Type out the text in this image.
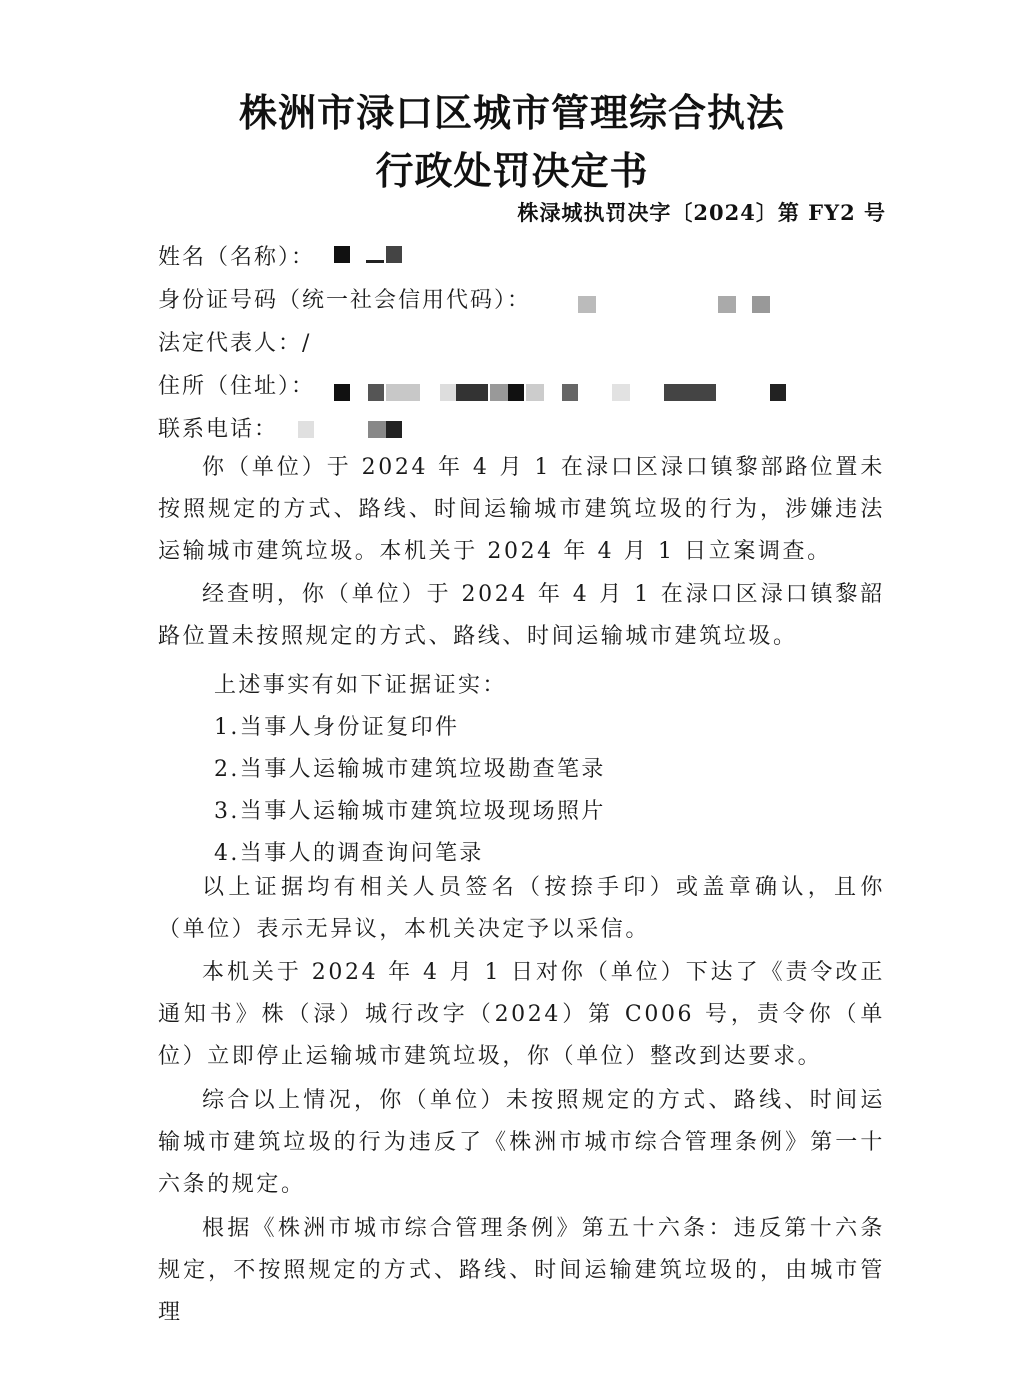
株洲市渌口区城市管理综合执法
行政处罚决定书
株渌城执罚决字〔2024〕第 FY2 号
姓名（名称）：
身份证号码（统一社会信用代码）：
法定代表人：/
住所（住址）：
联系电话：

你（单位）于 2024 年 4 月 1 在渌口区渌口镇黎部路位置未按照规定的方式、路线、时间运输城市建筑垃圾的行为，涉嫌违法运输城市建筑垃圾。本机关于 2024 年 4 月 1 日立案调查。

经查明，你（单位）于 2024 年 4 月 1 在渌口区渌口镇黎韶路位置未按照规定的方式、路线、时间运输城市建筑垃圾。

上述事实有如下证据证实：
1.当事人身份证复印件
2.当事人运输城市建筑垃圾勘查笔录
3.当事人运输城市建筑垃圾现场照片
4.当事人的调查询问笔录

以上证据均有相关人员签名（按捺手印）或盖章确认，且你（单位）表示无异议，本机关决定予以采信。

本机关于 2024 年 4 月 1 日对你（单位）下达了《责令改正通知书》株（渌）城行改字（2024）第 C006 号，责令你（单位）立即停止运输城市建筑垃圾，你（单位）整改到达要求。

综合以上情况，你（单位）未按照规定的方式、路线、时间运输城市建筑垃圾的行为违反了《株洲市城市综合管理条例》第一十六条的规定。

根据《株洲市城市综合管理条例》第五十六条：违反第十六条规定，不按照规定的方式、路线、时间运输建筑垃圾的，由城市管理
